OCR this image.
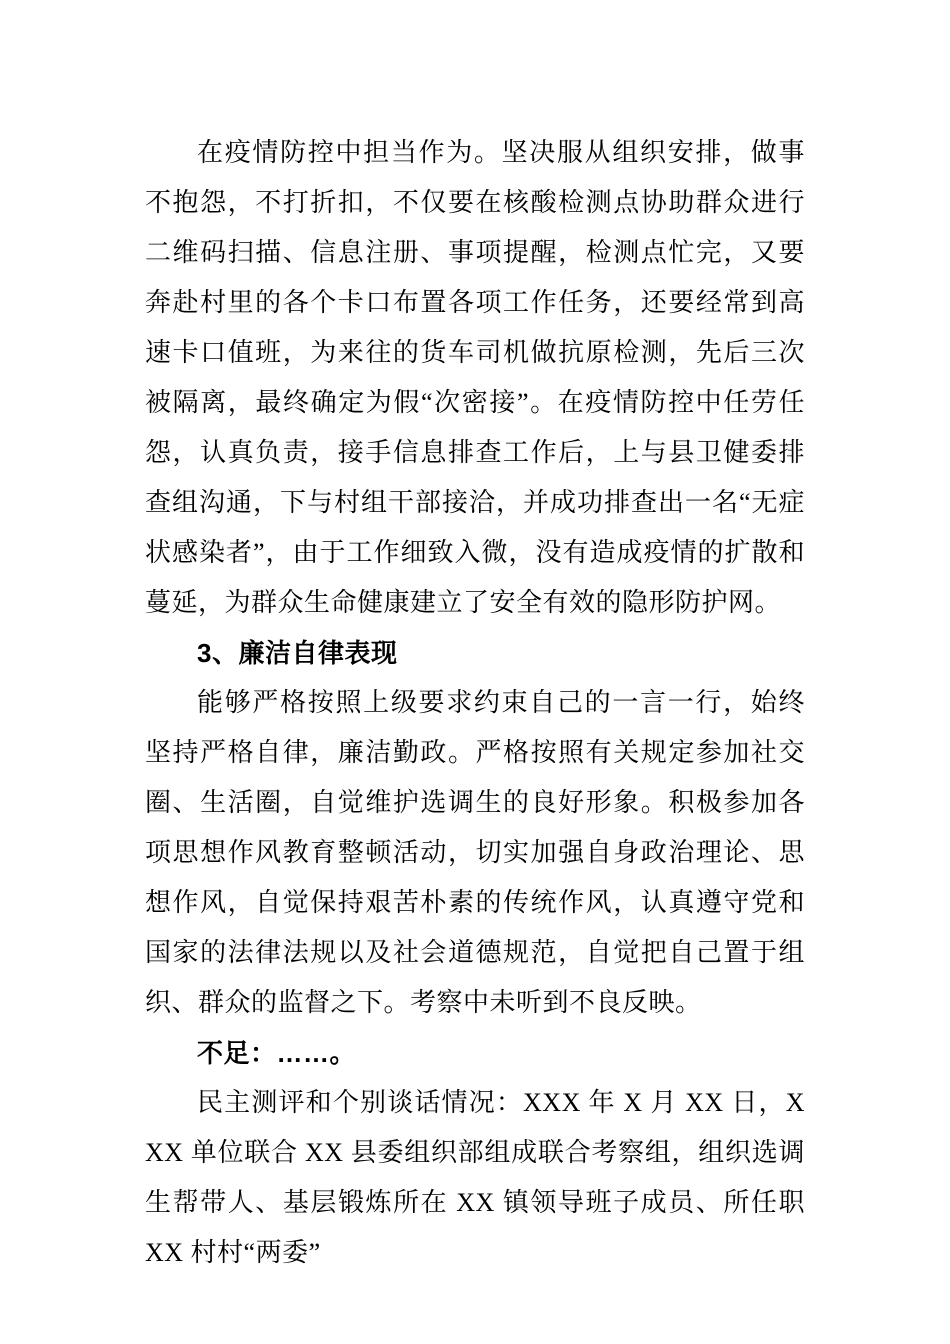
在疫情防控中担当作为。坚决服从组织安排，做事不抱怨，不打折扣，不仅要在核酸检测点协助群众进行二维码扫描、信息注册、事项提醒，检测点忙完，又要奔赴村里的各个卡口布置各项工作任务，还要经常到高速卡口值班，为来往的货车司机做抗原检测，先后三次被隔离，最终确定为假“次密接”。在疫情防控中任劳任怨，认真负责，接手信息排查工作后，上与县卫健委排查组沟通，下与村组干部接洽，并成功排查出一名“无症状感染者”，由于工作细致入微，没有造成疫情的扩散和蔓延，为群众生命健康建立了安全有效的隐形防护网。

3、廉洁自律表现

能够严格按照上级要求约束自己的一言一行，始终坚持严格自律，廉洁勤政。严格按照有关规定参加社交圈、生活圈，自觉维护选调生的良好形象。积极参加各项思想作风教育整顿活动，切实加强自身政治理论、思想作风，自觉保持艰苦朴素的传统作风，认真遵守党和国家的法律法规以及社会道德规范，自觉把自己置于组织、群众的监督之下。考察中未听到不良反映。

不足：……。

民主测评和个别谈话情况：XXX 年 X 月 XX 日，XXX 单位联合 XX 县委组织部组成联合考察组，组织选调生帮带人、基层锻炼所在 XX 镇领导班子成员、所任职 XX 村村“两委”
